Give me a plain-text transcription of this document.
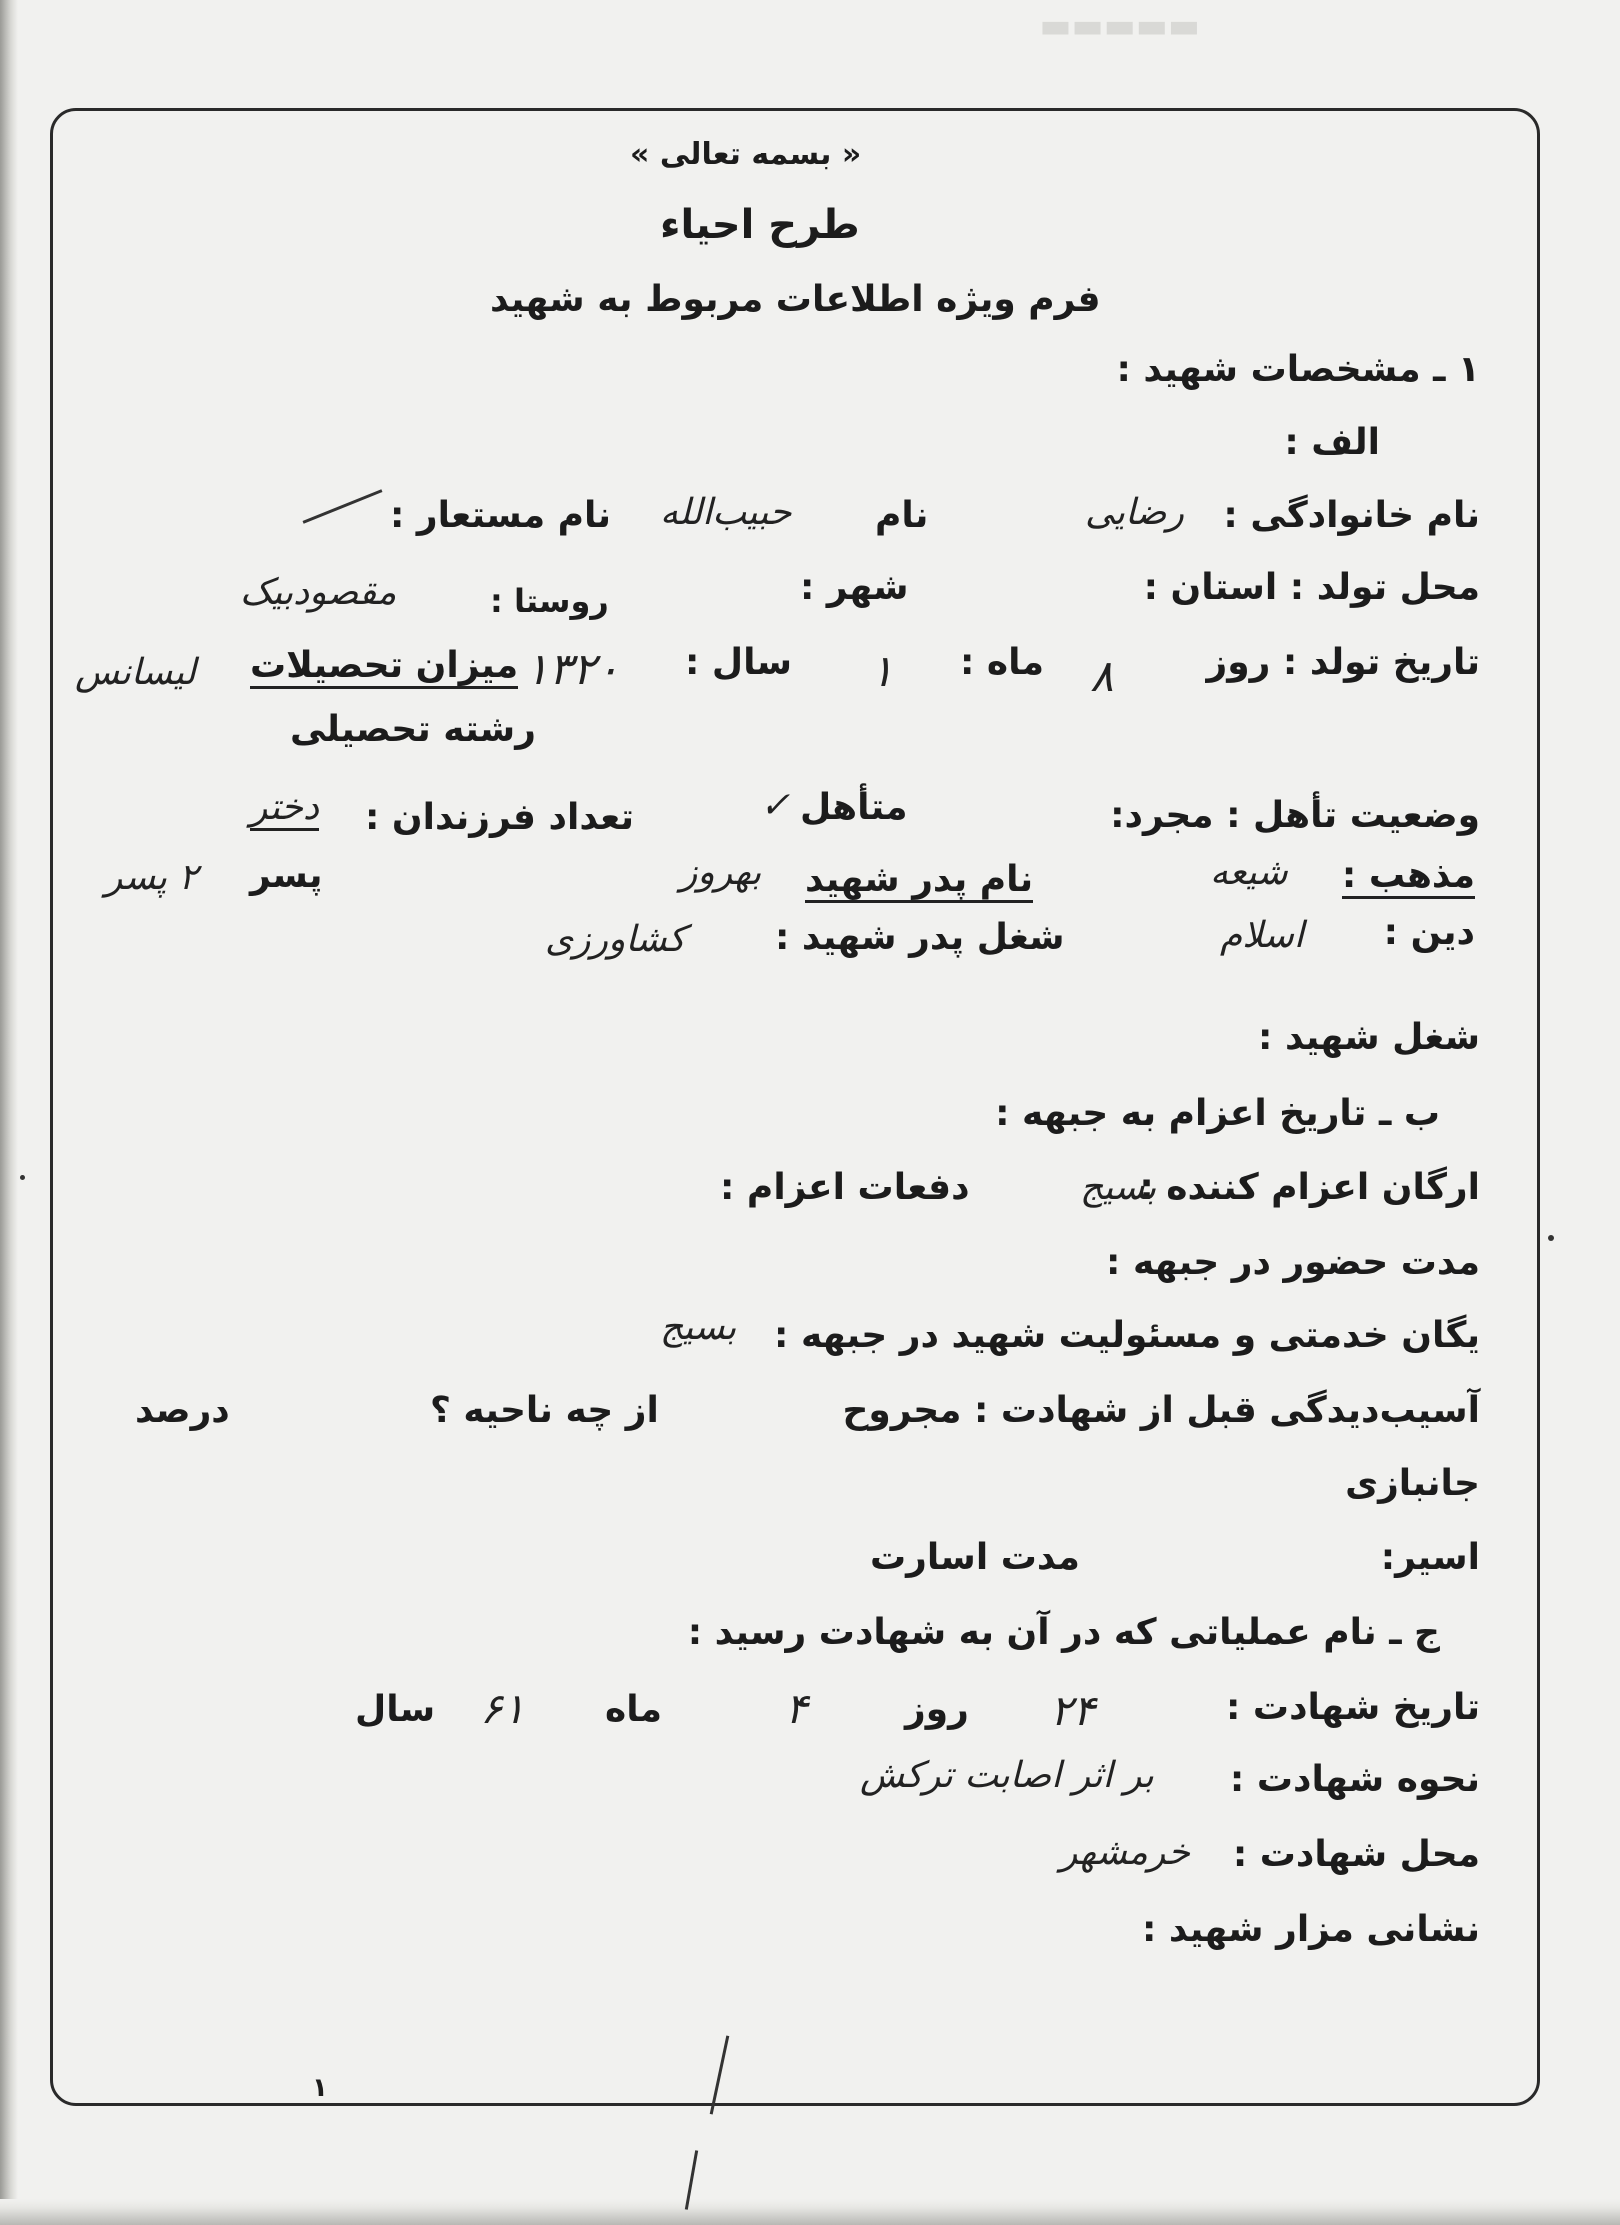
▬▬▬▬▬
« بسمه تعالی »
طرح احیاء
فرم ویژه اطلاعات مربوط به شهید
۱ ـ مشخصات شهید :
الف :
نام خانوادگی :
رضایی
نام
حبیب‌الله
نام مستعار :
محل تولد : استان :
شهر :
روستا :
مقصودبیک
تاریخ تولد : روز
۸
ماه :
۱
سال :
۱۳۲۰
میزان تحصیلات
لیسانس
رشته تحصیلی
وضعیت تأهل : مجرد:
متأهل
✓
تعداد فرزندان :
دختر
پسر
۲ پسر	مذهب :
شیعه
نام پدر شهید
بهروز
دین :
اسلام
شغل پدر شهید :
کشاورزی
شغل شهید :
ب ـ تاریخ اعزام به جبهه :
ارگان اعزام کننده :
بسیج
دفعات اعزام :
مدت حضور در جبهه :
یگان خدمتی و مسئولیت شهید در جبهه :
بسیج
آسیب‌دیدگی قبل از شهادت : مجروح
از چه ناحیه ؟
درصد
جانبازی
اسیر:
مدت اسارت
ج ـ نام عملیاتی که در آن به شهادت رسید :
تاریخ شهادت :
۲۴
روز
۴
ماه
۶۱
سال
نحوه شهادت :
بر اثر اصابت ترکش
محل شهادت :
خرمشهر
نشانی مزار شهید :
۱
